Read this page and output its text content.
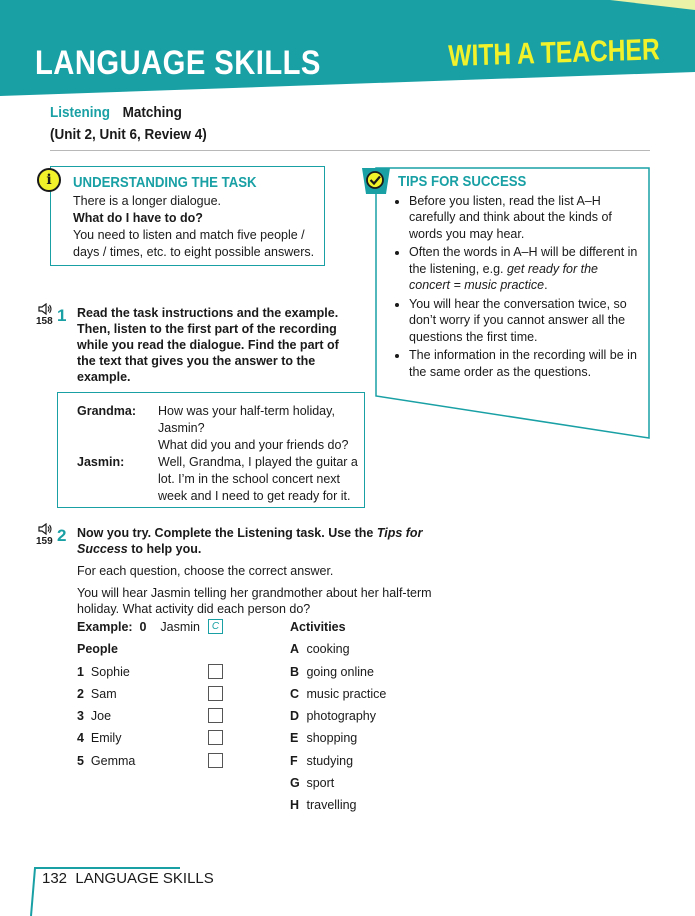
LANGUAGE SKILLS	WITH A TEACHER
Listening Matching
(Unit 2, Unit 6, Review 4)
i	UNDERSTANDING THE TASK
There is a longer dialogue.
What do I have to do?
You need to listen and match five people / days / times, etc. to eight possible answers.
TIPS FOR SUCCESS
• Before you listen, read the list A–H carefully and think about the kinds of words you may hear.
• Often the words in A–H will be different in the listening, e.g. get ready for the concert = music practice.
• You will hear the conversation twice, so don’t worry if you cannot answer all the questions the first time.
• The information in the recording will be in the same order as the questions.
158 1 Read the task instructions and the example. Then, listen to the first part of the recording while you read the dialogue. Find the part of the text that gives you the answer to the example.
Grandma:	How was your half-term holiday, Jasmin?
What did you and your friends do?
Jasmin:	Well, Grandma, I played the guitar a lot. I’m in the school concert next week and I need to get ready for it.
159 2 Now you try. Complete the Listening task. Use the Tips for Success to help you.

For each question, choose the correct answer.

You will hear Jasmin telling her grandmother about her half-term holiday. What activity did each person do?

Example: 0 Jasmin	C
People
1 Sophie
2 Sam
3 Joe
4 Emily
5 Gemma
Activities
A cooking
B going online
C music practice
D photography
E shopping
F studying
G sport
H travelling
132 LANGUAGE SKILLS
